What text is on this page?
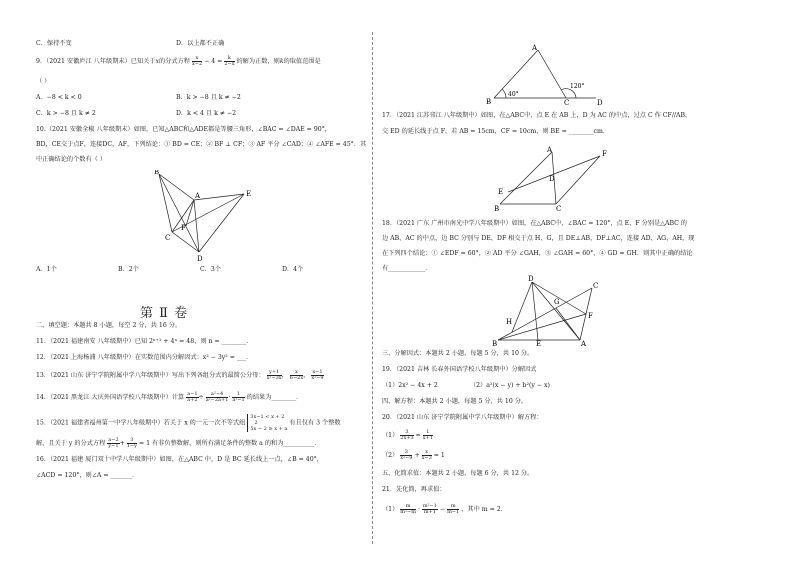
C．保持不变	D．以上都不正确
9．（2021 安徽庐江 八年级期末）已知关于x的分式方程 $\frac{x}{x-2} - 4 = \frac{k}{2-x}$ 的解为正数，则k的取值范围是
（ ）
A．−8 < k < 0	B．k > −8 且 k ≠ −2
C．k > −8 且 k ≠ 2	D．k < 4 且 k ≠ −2
10.（2021 安徽全椒 八年级期末）如图，已知△ABC和△ADE都是等腰三角形，∠BAC = ∠DAE = 90°，
BD，CE交于点F，连接DC，AF，下列结论：① BD = CE；② BF ⊥ CF；③ AF 平分 ∠CAD；④ ∠AFE = 45°．其
中正确结论的个数有（ ）
B
A	E
F
C
D
A．1个	B．2个	C．3个	D．4个
第 Ⅱ 卷
二、填空题：本题共 8 小题，每空 2 分，共 16 分。
11．（2021 福建南安 八年级期中）已知 2ⁿ⁺¹ + 4ⁿ = 48，则 n = ________．
12．（2021 上海杨浦 八年级期中）在实数范围内分解因式：x² − 3y² = ___．
13．（2021 山东 济宁学院附属中学八年级期中）写出下列各组分式的最简公分母： $\frac{y+1}{\text{x²−3x}}$ ， $\frac{x}{6-2x}$ ， $\frac{x-1}{\text{x²−9}}$
14．（2021 黑龙江 大庆外国语学校八年级期中）计算 $\frac{a-1}{a+2} \div \frac{\text{a²−4}}{\text{a²−2a+1}} \cdot \frac{1}{\text{a²−1}}$ 的结果为________．
15．（2021 福建省福州第一中学八年级期中）若关于 x 的一元一次不等式组
3x−1 < x + 2
2
5x − 2 ≥ x + a
有且仅有 3 个整数
解，且关于 y 的分式方程 $\frac{a-2}{y-1} + \frac{3}{1-y} = 1$ 有非负整数解，则所有满足条件的整数 a 的和为__________．
16．（2021 福建 厦门双十中学八年级期中）如图，在△ABC 中，D 是 BC 延长线上一点，∠B = 40°，
∠ACD = 120°，则∠A = _______．
A
B	C	D
40°
120°
17．（2021 江苏邗江 八年级期中）如图，在△ABC中，点 E 在 AB 上，D 为 AC 的中点，过点 C 作 CF//AB，
交 ED 的延长线于点 F，若 AB = 15cm，CF = 10cm，则 BE = ________cm．
A	F
E
D
B	C
18．（2021 广东 广州市南光中学八年级期中）如图，在△ABC中，∠BAC = 120°，点 E、F 分别是△ABC 的
边 AB、AC 的中点，边 BC 分别与 DE、DF 相交于点 H、G，且 DE⊥AB，DF⊥AC，连接 AD、AG、AH，现
在下列四个结论：① ∠EDF = 60°，② AD 平分 ∠GAH，③ ∠GAH = 60°，④ GD = GH．则其中正确的结论
有____________．
D
C
G
H
F
B	E	A
三、分解因式：本题共 2 小题，每题 5 分，共 10 分。
19．（2021 吉林 长春外国语学校八年级期中）分解因式
（1）2x² − 4x + 2	（2）a²(x − y) + b²(y − x)
四、解方程：本题共 2 小题，每题 5 分，共 10 分。
20．（2021 山东 济宁学院附属中学八年级期中）解方程：
$(1) \frac{3}{2x+3} = \frac{1}{x+1}$
$(2) \frac{3}{\text{x²−9}} + \frac{x}{x-3} = 1$
五、化简求值：本题共 2 小题，每题 6 分，共 12 分。
21．先化简，再求值：
$(1) \frac{m}{\text{m²−m}} \cdot \frac{\text{m²−1}}{m+1} - \frac{m}{m-1}$ ，其中 m = 2．
